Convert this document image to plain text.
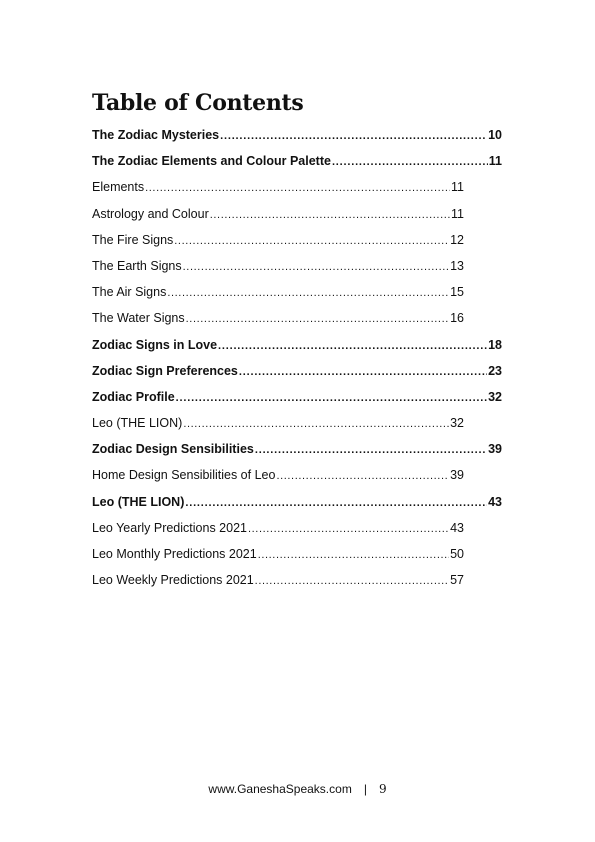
Table of Contents
The Zodiac Mysteries .....	10
The Zodiac Elements and Colour Palette .....	11
Elements .....	11
Astrology and Colour .....	11
The Fire Signs .....	12
The Earth Signs .....	13
The Air Signs .....	15
The Water Signs .....	16
Zodiac Signs in Love .....	18
Zodiac Sign Preferences .....	23
Zodiac Profile .....	32
Leo (THE LION) .....	32
Zodiac Design Sensibilities .....	39
Home Design Sensibilities of Leo .....	39
Leo (THE LION) .....	43
Leo Yearly Predictions 2021 .....	43
Leo Monthly Predictions 2021 .....	50
Leo Weekly Predictions 2021 .....	57
www.GaneshaSpeaks.com | 9
